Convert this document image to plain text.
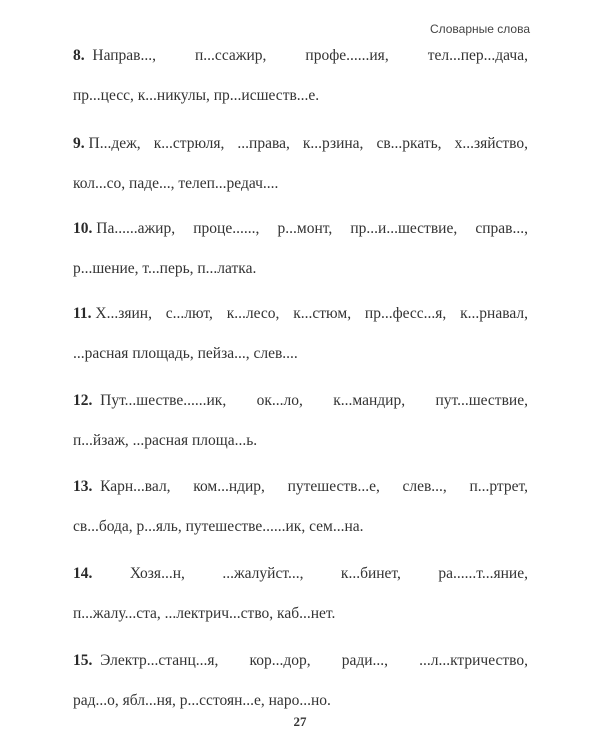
Словарные слова
8. Направ...,	п...ссажир,	профе......ия,	тел...пер...дача,
пр...цесс, к...никулы, пр...исшеств...е.
9. П...деж, к...стрюля, ...права, к...рзина, св...ркать, х...зяйство,
кол...со, паде..., телеп...редач....
10. Па......ажир, проце......, р...монт, пр...и...шествие, справ...,
р...шение, т...перь, п...латка.
11. Х...зяин, с...лют, к...лесо, к...стюм, пр...фесс...я, к...рнавал,
...расная площадь, пейза..., слев....
12. Пут...шестве......ик, ок...ло, к...мандир, пут...шествие,
п...йзаж, ...расная площа...ь.
13. Карн...вал, ком...ндир, путешеств...е, слев..., п...ртрет,
св...бода, р...яль, путешестве......ик, сем...на.
14. Хозя...н, ...жалуйст..., к...бинет, ра......т...яние,
п...жалу...ста, ...лектрич...ство, каб...нет.
15. Электр...станц...я, кор...дор, ради..., ...л...ктричество,
рад...о, ябл...ня, р...сстоян...е, наро...но.
27
